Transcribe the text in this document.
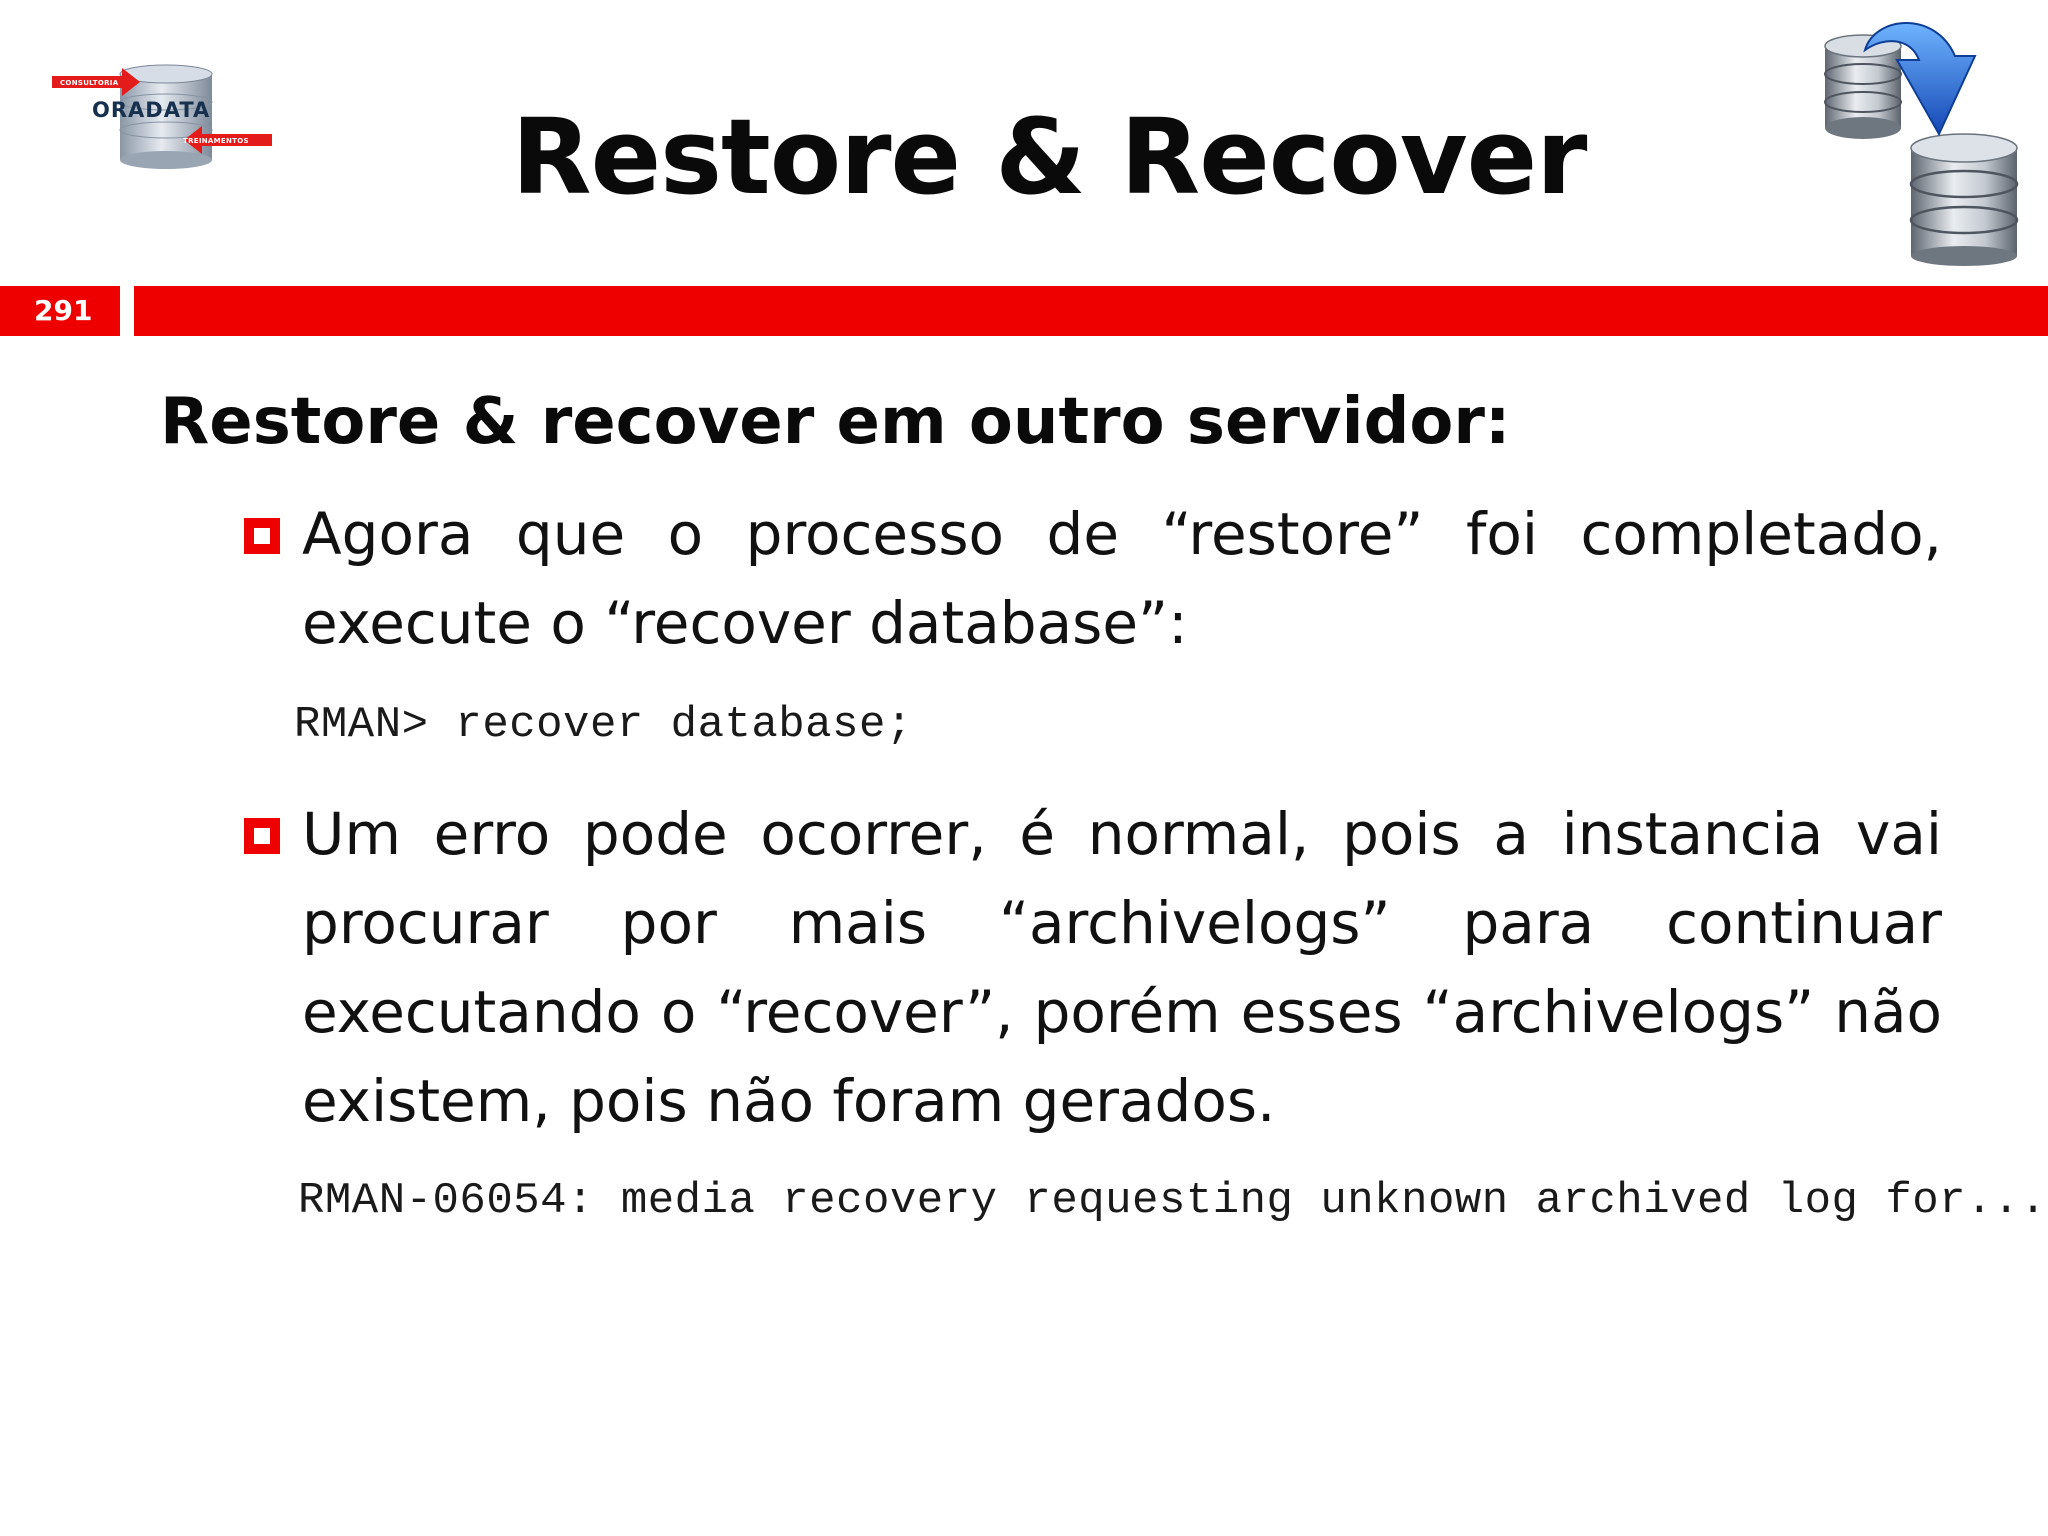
CONSULTORIA
ORADATA
TREINAMENTOS	Restore & Recover
291
Restore & recover em outro servidor:
Agora que o processo de “restore” foi completado, execute o “recover database”:
RMAN> recover database;
Um erro pode ocorrer, é normal, pois a instancia vai procurar por mais “archivelogs” para continuar executando o “recover”, porém esses “archivelogs” não existem, pois não foram gerados.
RMAN-06054: media recovery requesting unknown archived log for...
